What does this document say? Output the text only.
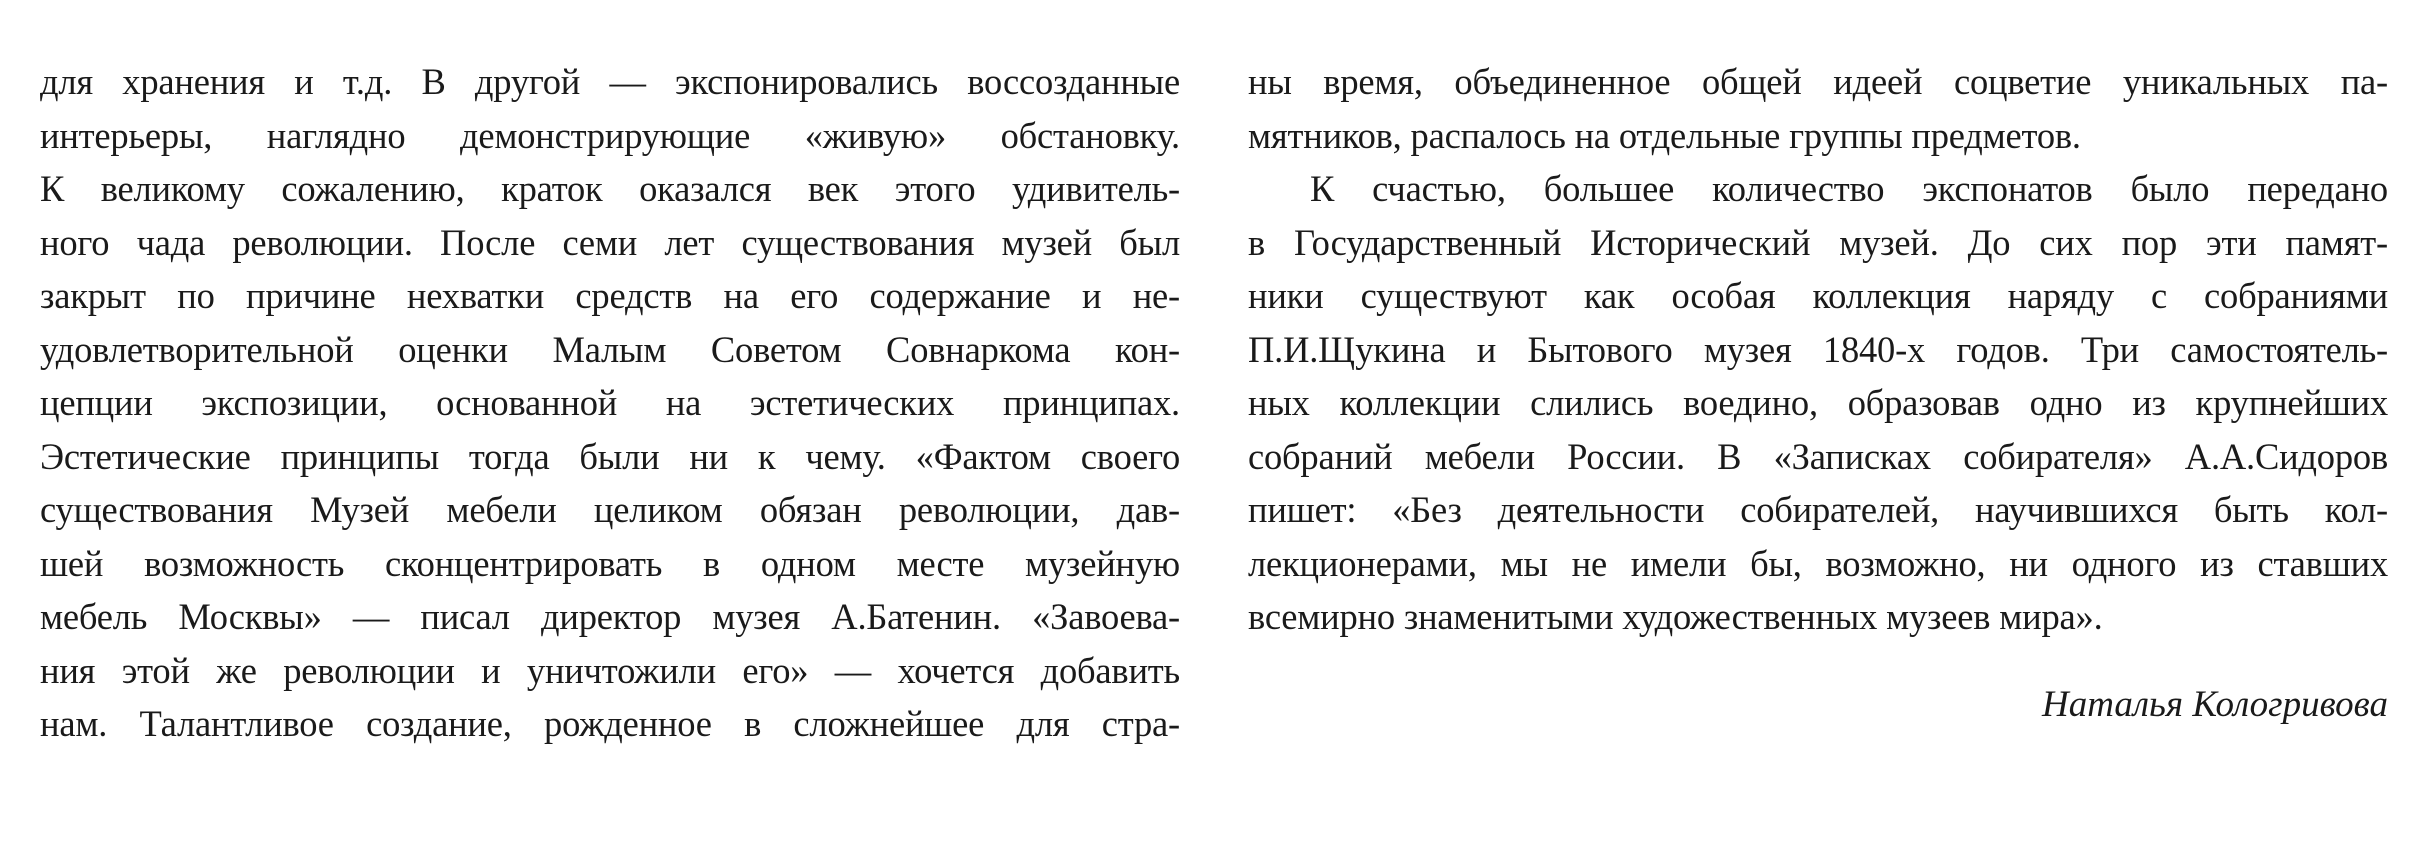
для хранения и т.д. В другой — экспонировались воссозданные
интерьеры, наглядно демонстрирующие «живую» обстановку.
К великому сожалению, краток оказался век этого удивитель-
ного чада революции. После семи лет существования музей был
закрыт по причине нехватки средств на его содержание и не-
удовлетворительной оценки Малым Советом Совнаркома кон-
цепции экспозиции, основанной на эстетических принципах.
Эстетические принципы тогда были ни к чему. «Фактом своего
существования Музей мебели целиком обязан революции, дав-
шей возможность сконцентрировать в одном месте музейную
мебель Москвы» — писал директор музея А.Батенин. «Завоева-
ния этой же революции и уничтожили его» — хочется добавить
нам. Талантливое создание, рожденное в сложнейшее для стра-
ны время, объединенное общей идеей соцветие уникальных па-
мятников, распалось на отдельные группы предметов.
К счастью, большее количество экспонатов было передано
в Государственный Исторический музей. До сих пор эти памят-
ники существуют как особая коллекция наряду с собраниями
П.И.Щукина и Бытового музея 1840-х годов. Три самостоятель-
ных коллекции слились воедино, образовав одно из крупнейших
собраний мебели России. В «Записках собирателя» А.А.Сидоров
пишет: «Без деятельности собирателей, научившихся быть кол-
лекционерами, мы не имели бы, возможно, ни одного из ставших
всемирно знаменитыми художественных музеев мира».
Наталья Кологривова
